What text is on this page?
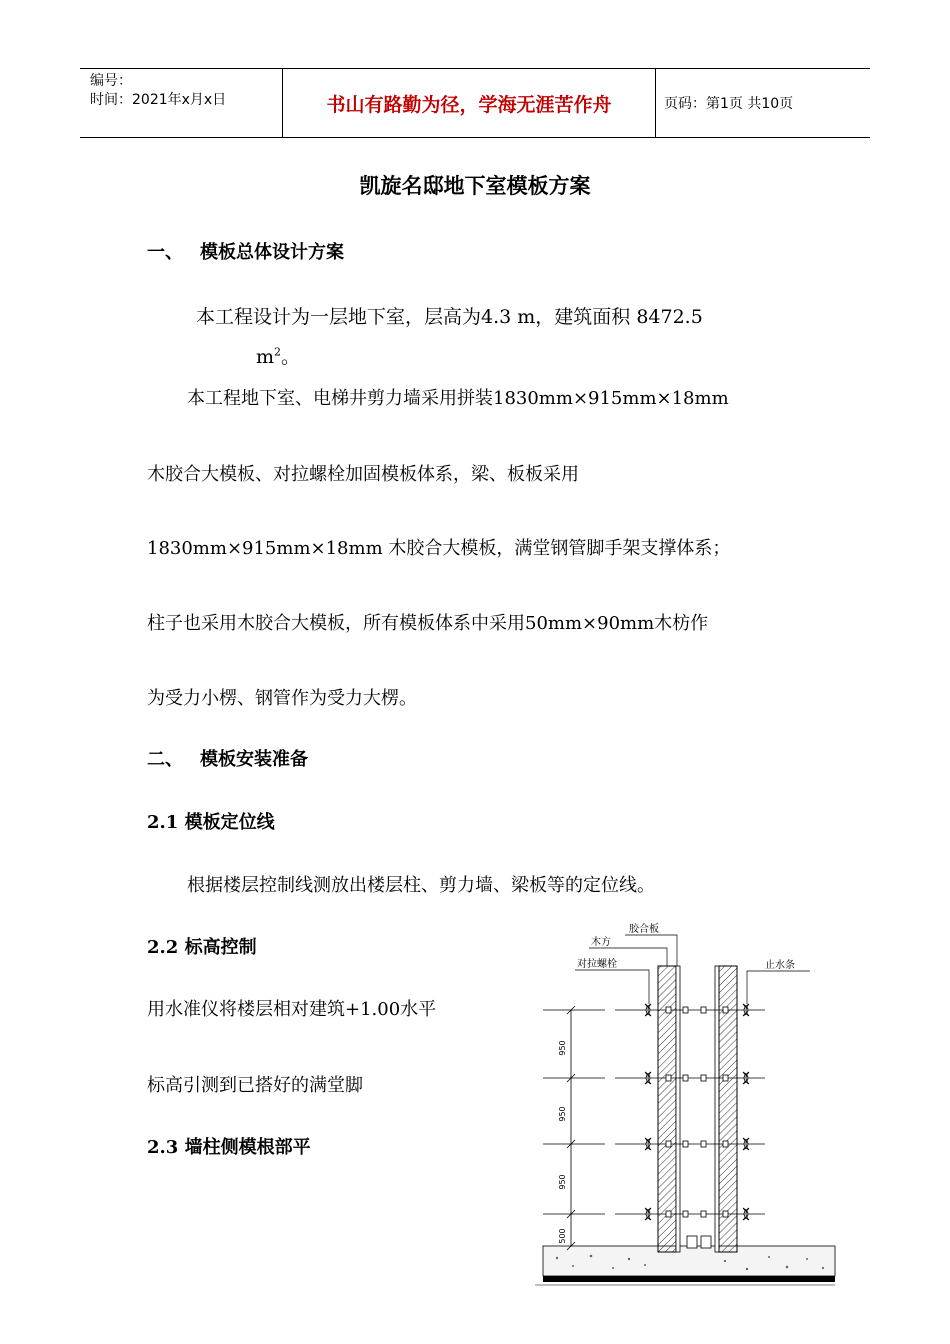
编号：
时间：2021年x月x日	书山有路勤为径，学海无涯苦作舟	页码：第1页 共10页
凯旋名邸地下室模板方案
一、 模板总体设计方案
本工程设计为一层地下室，层高为4.3 m，建筑面积 8472.5
$m^2$。
本工程地下室、电梯井剪力墙采用拼装1830mm×915mm×18mm
木胶合大模板、对拉螺栓加固模板体系，梁、板板采用
1830mm×915mm×18mm 木胶合大模板，满堂钢管脚手架支撑体系；
柱子也采用木胶合大模板，所有模板体系中采用50mm×90mm木枋作
为受力小楞、钢管作为受力大楞。
二、 模板安装准备
2.1 模板定位线
根据楼层控制线测放出楼层柱、剪力墙、梁板等的定位线。
2.2 标高控制
用水准仪将楼层相对建筑+1.00水平
标高引测到已搭好的满堂脚
2.3 墙柱侧模根部平
950
950
950
500
胶合板
木方
对拉螺栓	止水条
